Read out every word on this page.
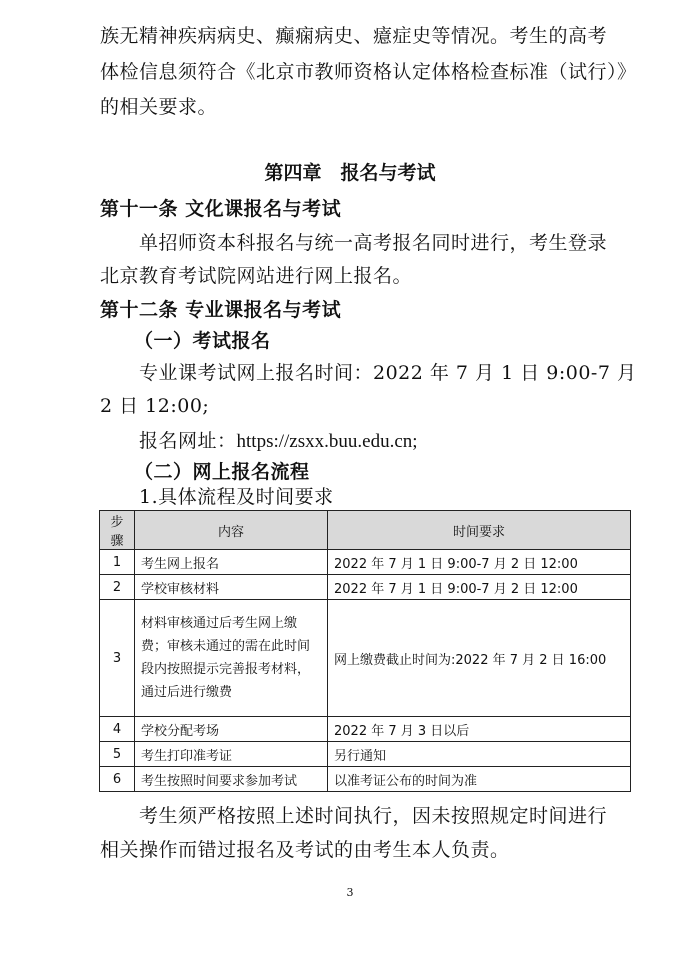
族无精神疾病病史、癫痫病史、癔症史等情况。考生的高考
体检信息须符合《北京市教师资格认定体格检查标准（试行）》
的相关要求。
第四章　报名与考试
第十一条 文化课报名与考试
单招师资本科报名与统一高考报名同时进行，考生登录
北京教育考试院网站进行网上报名。
第十二条 专业课报名与考试
（一）考试报名
专业课考试网上报名时间：2022 年 7 月 1 日 9:00-7 月
2 日 12:00;
报名网址：https://zsxx.buu.edu.cn;
（二）网上报名流程
1.具体流程及时间要求
步骤	内容	时间要求
1	考生网上报名	2022 年 7 月 1 日 9:00-7 月 2 日 12:00
2	学校审核材料	2022 年 7 月 1 日 9:00-7 月 2 日 12:00
3	材料审核通过后考生网上缴费；审核未通过的需在此时间段内按照提示完善报考材料，通过后进行缴费	网上缴费截止时间为:2022 年 7 月 2 日 16:00
4	学校分配考场	2022 年 7 月 3 日以后
5	考生打印准考证	另行通知
6	考生按照时间要求参加考试	以准考证公布的时间为准
考生须严格按照上述时间执行，因未按照规定时间进行
相关操作而错过报名及考试的由考生本人负责。
3
